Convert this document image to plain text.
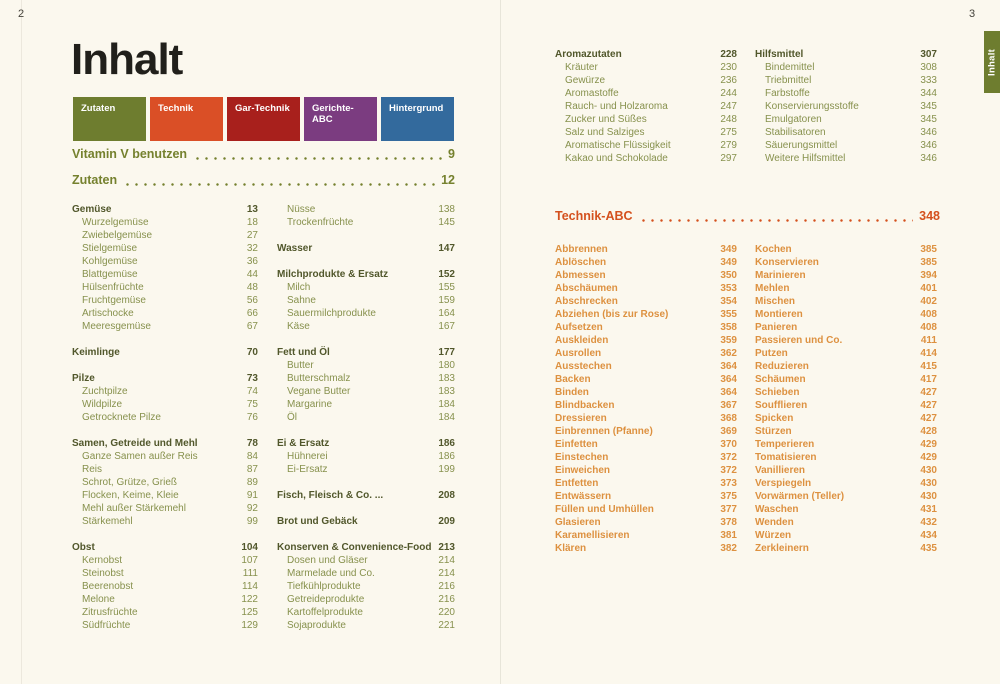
2
Inhalt
Zutaten	Technik	Gar-Technik	Gerichte-ABC
Hintergrund
Vitamin V benutzen	9
Zutaten	12
Gemüse	13
Wurzelgemüse	18
Zwiebelgemüse	27
Stielgemüse	32
Kohlgemüse	36
Blattgemüse	44
Hülsenfrüchte	48
Fruchtgemüse	56
Artischocke	66
Meeresgemüse	67
Keimlinge	70
Pilze	73
Zuchtpilze	74
Wildpilze	75
Getrocknete Pilze	76
Samen, Getreide und Mehl	78
Ganze Samen außer Reis	84
Reis	87
Schrot, Grütze, Grieß	89
Flocken, Keime, Kleie	91
Mehl außer Stärkemehl	92
Stärkemehl	99
Obst	104
Kernobst	107
Steinobst	111
Beerenobst	114
Melone	122
Zitrusfrüchte	125
Südfrüchte	129
Nüsse	138
Trockenfrüchte	145
Wasser	147
Milchprodukte & Ersatz	152
Milch	155
Sahne	159
Sauermilchprodukte	164
Käse	167
Fett und Öl	177
Butter	180
Butterschmalz	183
Vegane Butter	183
Margarine	184
Öl	184
Ei & Ersatz	186
Hühnerei	186
Ei-Ersatz	199
Fisch, Fleisch & Co. ...	208
Brot und Gebäck	209
Konserven & Convenience-Food 213
Dosen und Gläser	214
Marmelade und Co.	214
Tiefkühlprodukte	216
Getreideprodukte	216
Kartoffelprodukte	220
Sojaprodukte	221
3
Inhalt
Aromazutaten	228
Kräuter	230
Gewürze	236
Aromastoffe	244
Rauch- und Holzaroma	247
Zucker und Süßes	248
Salz und Salziges	275
Aromatische Flüssigkeit	279
Kakao und Schokolade	297
Hilfsmittel	307
Bindemittel	308
Triebmittel	333
Farbstoffe	344
Konservierungsstoffe	345
Emulgatoren	345
Stabilisatoren	346
Säuerungsmittel	346
Weitere Hilfsmittel	346
Technik-ABC	348
Abbrennen	349
Ablöschen	349
Abmessen	350
Abschäumen	353
Abschrecken	354
Abziehen (bis zur Rose)	355
Aufsetzen	358
Auskleiden	359
Ausrollen	362
Ausstechen	364
Backen	364
Binden	364
Blindbacken	367
Dressieren	368
Einbrennen (Pfanne)	369
Einfetten	370
Einstechen	372
Einweichen	372
Entfetten	373
Entwässern	375
Füllen und Umhüllen	377
Glasieren	378
Karamellisieren	381
Klären	382
Kochen	385
Konservieren	385
Marinieren	394
Mehlen	401
Mischen	402
Montieren	408
Panieren	408
Passieren und Co.	411
Putzen	414
Reduzieren	415
Schäumen	417
Schieben	427
Soufflieren	427
Spicken	427
Stürzen	428
Temperieren	429
Tomatisieren	429
Vanillieren	430
Verspiegeln	430
Vorwärmen (Teller)	430
Waschen	431
Wenden	432
Würzen	434
Zerkleinern	435
